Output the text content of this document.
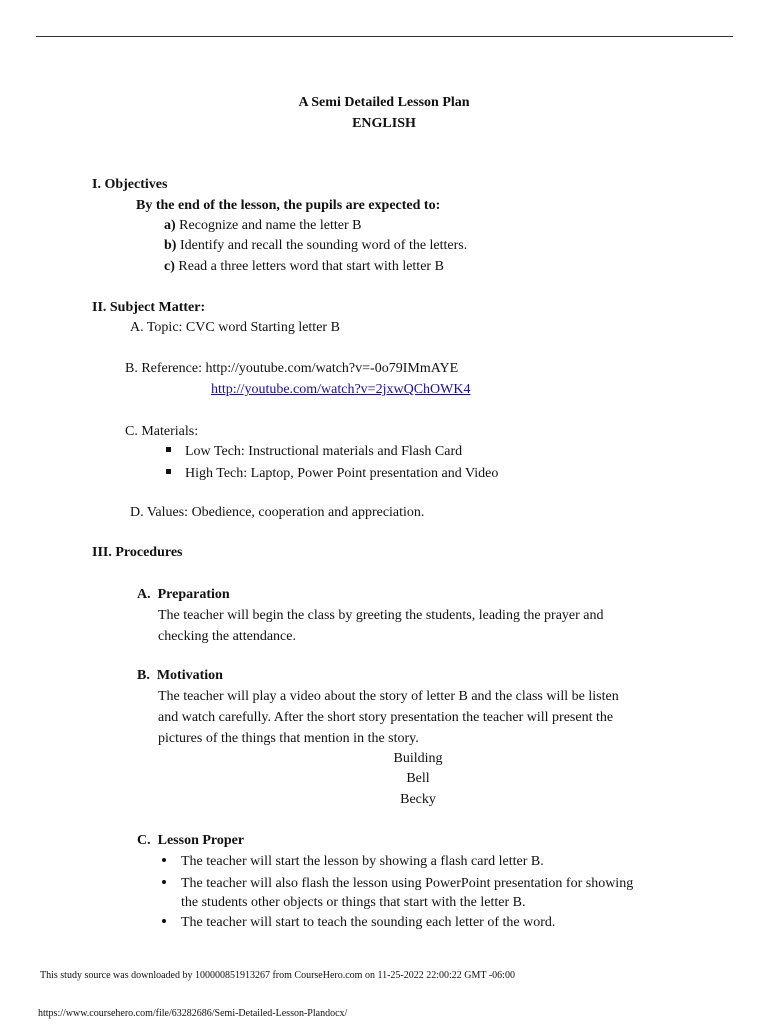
A Semi Detailed Lesson Plan
ENGLISH
I. Objectives
By the end of the lesson, the pupils are expected to:
a) Recognize and name the letter B
b) Identify and recall the sounding word of the letters.
c) Read a three letters word that start with letter B
II. Subject Matter:
A. Topic: CVC word Starting letter B
B. Reference: http://youtube.com/watch?v=-0o79IMmAYE
http://youtube.com/watch?v=2jxwQChOWK4
C. Materials:
Low Tech: Instructional materials and Flash Card
High Tech: Laptop, Power Point presentation and Video
D. Values: Obedience, cooperation and appreciation.
III. Procedures
A. Preparation
The teacher will begin the class by greeting the students, leading the prayer and
checking the attendance.
B. Motivation
The teacher will play a video about the story of letter B and the class will be listen
and watch carefully. After the short story presentation the teacher will present the
pictures of the things that mention in the story.
Building
Bell
Becky
C. Lesson Proper
The teacher will start the lesson by showing a flash card letter B.
The teacher will also flash the lesson using PowerPoint presentation for showing
the students other objects or things that start with the letter B.
The teacher will start to teach the sounding each letter of the word.
This study source was downloaded by 100000851913267 from CourseHero.com on 11-25-2022 22:00:22 GMT -06:00
https://www.coursehero.com/file/63282686/Semi-Detailed-Lesson-Plandocx/
